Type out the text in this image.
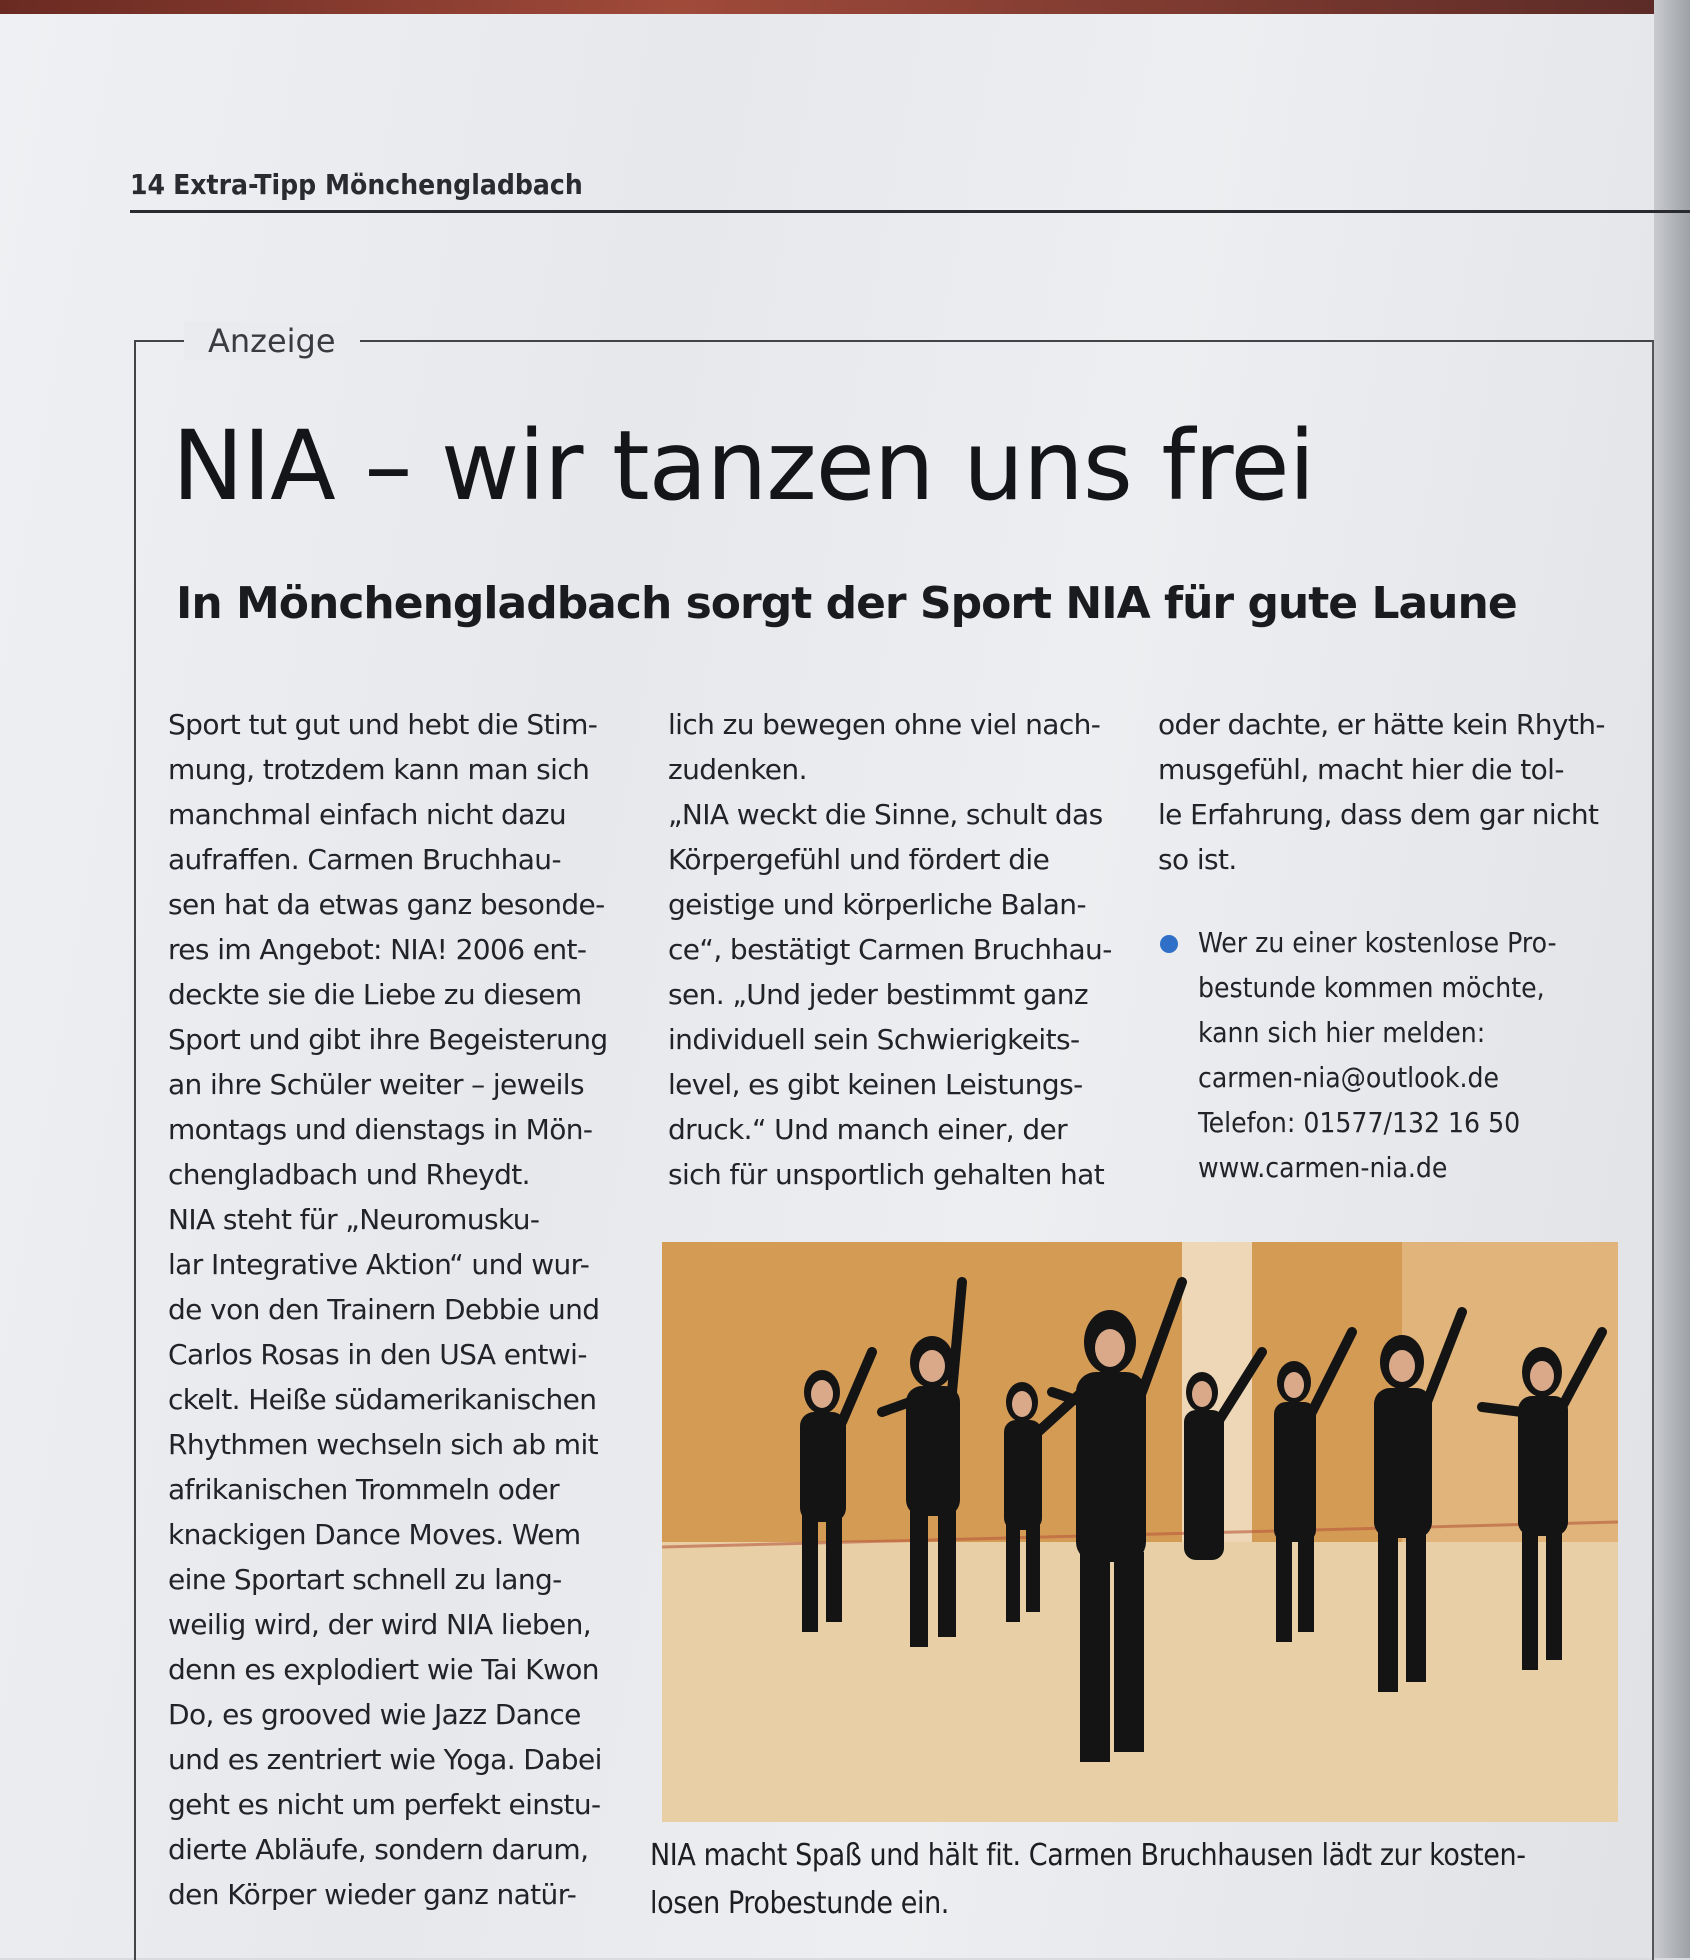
14 Extra-Tipp Mönchengladbach
Anzeige
NIA – wir tanzen uns frei
In Mönchengladbach sorgt der Sport NIA für gute Laune
Sport tut gut und hebt die Stim-
mung, trotzdem kann man sich
manchmal einfach nicht dazu
aufraffen. Carmen Bruchhau-
sen hat da etwas ganz besonde-
res im Angebot: NIA! 2006 ent-
deckte sie die Liebe zu diesem
Sport und gibt ihre Begeisterung
an ihre Schüler weiter – jeweils
montags und dienstags in Mön-
chengladbach und Rheydt.
NIA steht für „Neuromusku-
lar Integrative Aktion“ und wur-
de von den Trainern Debbie und
Carlos Rosas in den USA entwi-
ckelt. Heiße südamerikanischen
Rhythmen wechseln sich ab mit
afrikanischen Trommeln oder
knackigen Dance Moves. Wem
eine Sportart schnell zu lang-
weilig wird, der wird NIA lieben,
denn es explodiert wie Tai Kwon
Do, es grooved wie Jazz Dance
und es zentriert wie Yoga. Dabei
geht es nicht um perfekt einstu-
dierte Abläufe, sondern darum,
den Körper wieder ganz natür-
lich zu bewegen ohne viel nach-
zudenken.
„NIA weckt die Sinne, schult das
Körpergefühl und fördert die
geistige und körperliche Balan-
ce“, bestätigt Carmen Bruchhau-
sen. „Und jeder bestimmt ganz
individuell sein Schwierigkeits-
level, es gibt keinen Leistungs-
druck.“ Und manch einer, der
sich für unsportlich gehalten hat
oder dachte, er hätte kein Rhyth-
musgefühl, macht hier die tol-
le Erfahrung, dass dem gar nicht
so ist.
Wer zu einer kostenlose Pro-
bestunde kommen möchte,
kann sich hier melden:
carmen-nia@outlook.de
Telefon: 01577/132 16 50
www.carmen-nia.de
NIA macht Spaß und hält fit. Carmen Bruchhausen lädt zur kosten-
losen Probestunde ein.
